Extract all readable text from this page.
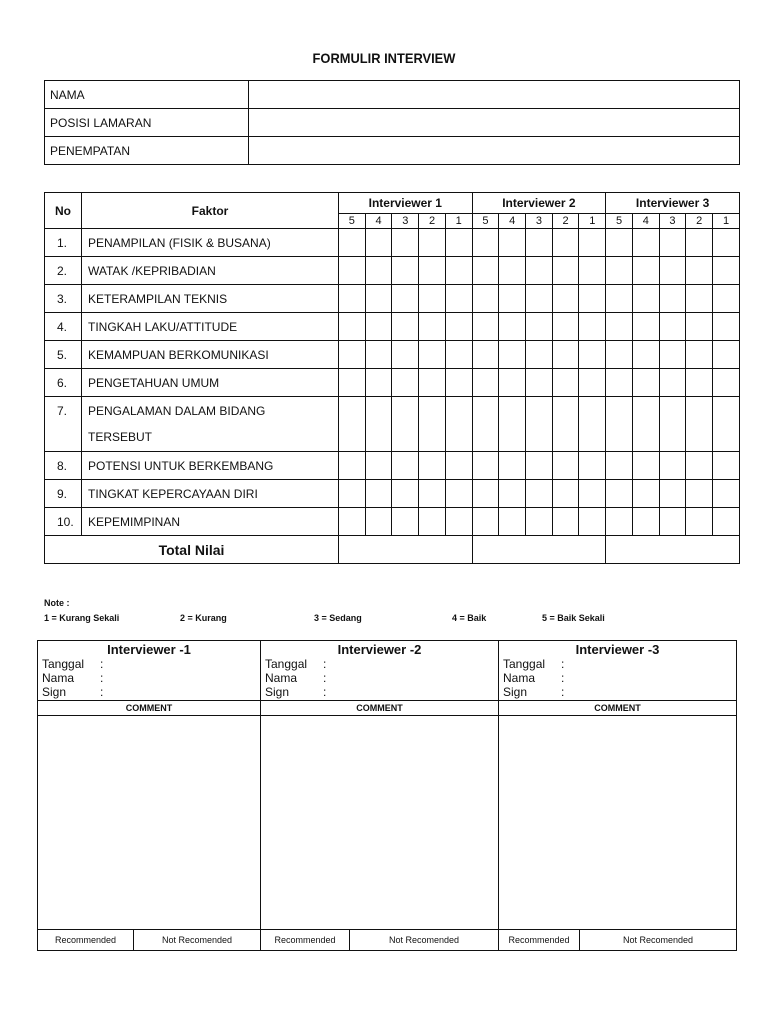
FORMULIR INTERVIEW
NAMA	
POSISI LAMARAN	
PENEMPATAN	
No	Faktor	Interviewer 1					Interviewer 2					Interviewer 3				
		5	4	3	2	1	5	4	3	2	1	5	4	3	2	1
1.	PENAMPILAN (FISIK & BUSANA)															

2.	WATAK /KEPRIBADIAN															

3.	KETERAMPILAN TEKNIS															

4.	TINGKAH LAKU/ATTITUDE															

5.	KEMAMPUAN BERKOMUNIKASI															

6.	PENGETAHUAN UMUM															

7.	PENGALAMAN DALAM BIDANG
TERSEBUT															

8.	POTENSI UNTUK BERKEMBANG															

9.	TINGKAT KEPERCAYAAN DIRI															

10.	KEPEMIMPINAN															

Total Nilai																
Note :
1 = Kurang Sekali	2 = Kurang	3 = Sedang	4 = Baik	5 = Baik Sekali
Interviewer -1
Tanggal :
Nama :
Sign	:
COMMENT
Recommended	Not Recomended

Interviewer -2
Tanggal :
Nama :
Sign	:
COMMENT
Recommended	Not Recomended

Interviewer -3
Tanggal :
Nama :
Sign	:
COMMENT
Recommended	Not Recomended
